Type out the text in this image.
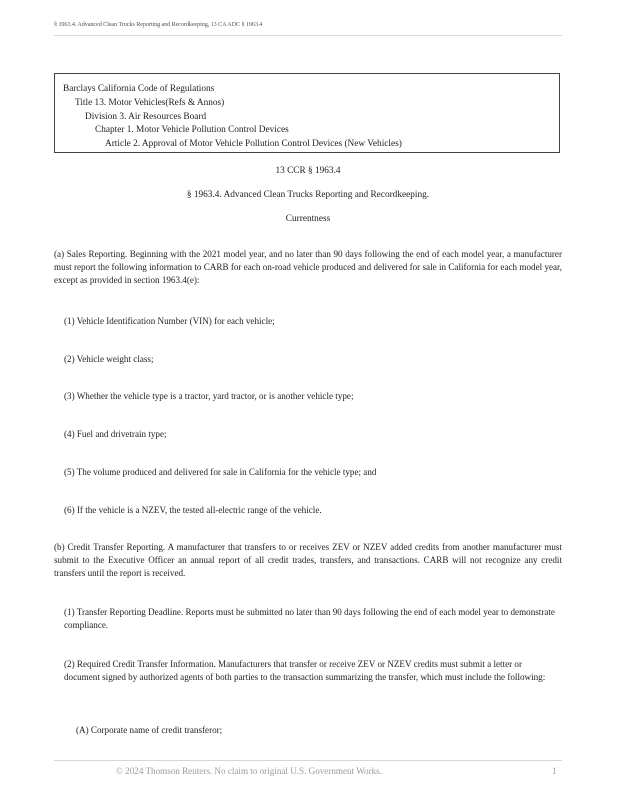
§ 1963.4. Advanced Clean Trucks Reporting and Recordkeeping, 13 CA ADC § 1963.4
Barclays California Code of Regulations
Title 13. Motor Vehicles(Refs & Annos)
Division 3. Air Resources Board
Chapter 1. Motor Vehicle Pollution Control Devices
Article 2. Approval of Motor Vehicle Pollution Control Devices (New Vehicles)
13 CCR § 1963.4
§ 1963.4. Advanced Clean Trucks Reporting and Recordkeeping.
Currentness

(a) Sales Reporting. Beginning with the 2021 model year, and no later than 90 days following the end of each model year, a manufacturer must report the following information to CARB for each on-road vehicle produced and delivered for sale in California for each model year, except as provided in section 1963.4(e):

(1) Vehicle Identification Number (VIN) for each vehicle;

(2) Vehicle weight class;

(3) Whether the vehicle type is a tractor, yard tractor, or is another vehicle type;

(4) Fuel and drivetrain type;

(5) The volume produced and delivered for sale in California for the vehicle type; and

(6) If the vehicle is a NZEV, the tested all-electric range of the vehicle.

(b) Credit Transfer Reporting. A manufacturer that transfers to or receives ZEV or NZEV added credits from another manufacturer must submit to the Executive Officer an annual report of all credit trades, transfers, and transactions. CARB will not recognize any credit transfers until the report is received.

(1) Transfer Reporting Deadline. Reports must be submitted no later than 90 days following the end of each model year to demonstrate compliance.

(2) Required Credit Transfer Information. Manufacturers that transfer or receive ZEV or NZEV credits must submit a letter or document signed by authorized agents of both parties to the transaction summarizing the transfer, which must include the following:

(A) Corporate name of credit transferor;

© 2024 Thomson Reuters. No claim to original U.S. Government Works.	1
